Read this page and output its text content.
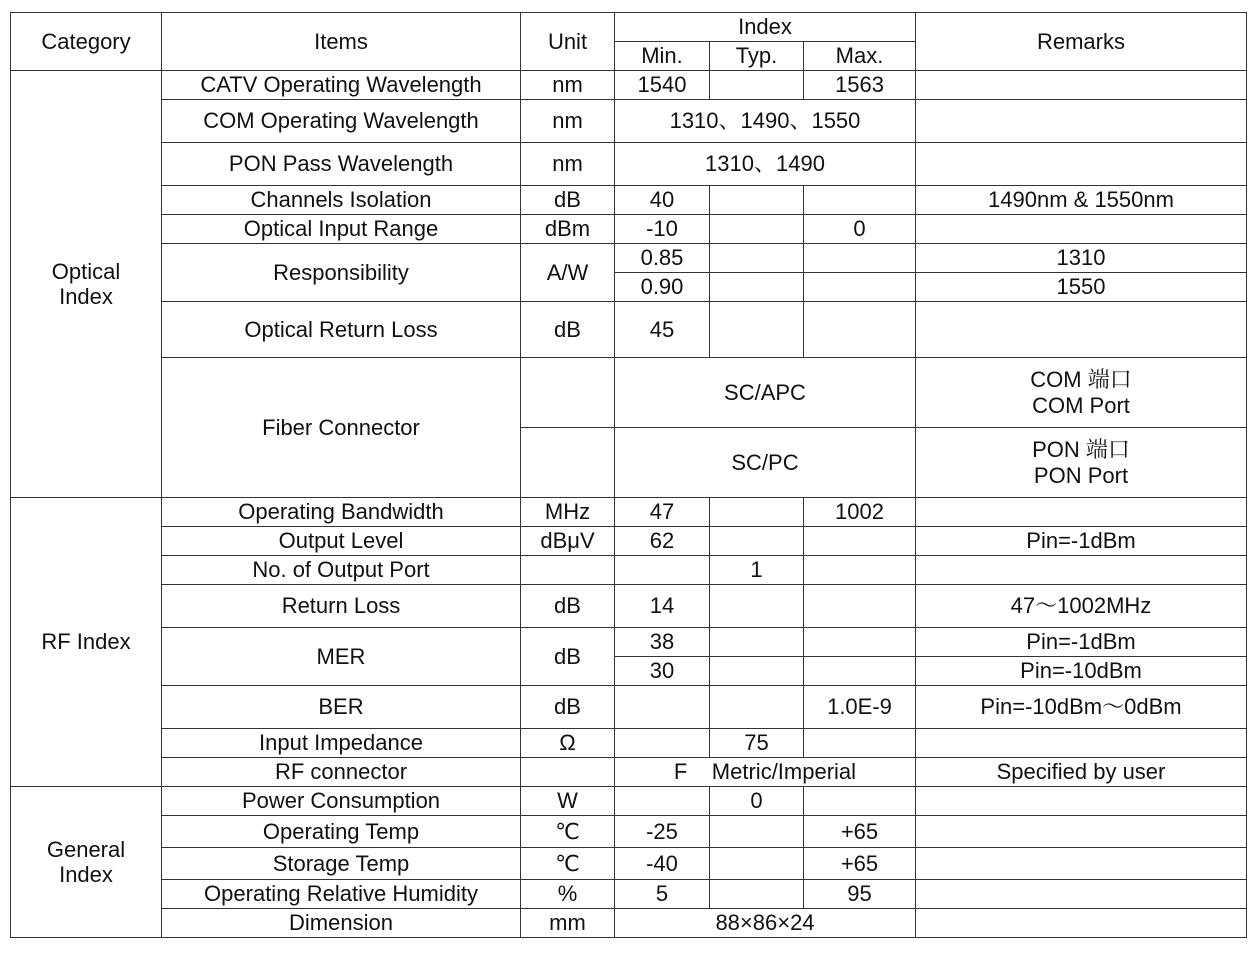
Category	Items	Unit	Index			Remarks
			Min.	Typ.	Max.	

Optical
Index	CATV Operating Wavelength	nm	1540		1563	
	COM Operating Wavelength	nm	1310、1490、1550			
	PON Pass Wavelength	nm	1310、1490			
	Channels Isolation	dB	40			1490nm & 1550nm
	Optical Input Range	dBm	-10		0	
	Responsibility	A/W	0.85			1310
			0.90			1550
	Optical Return Loss	dB	45			
	Fiber Connector		SC/APC			COM 端口
COM Port

			SC/PC			PON 端口
PON Port

RF Index	Operating Bandwidth	MHz	47		1002	
	Output Level	dBμV	62			Pin=-1dBm
	No. of Output Port			1		
	Return Loss	dB	14			47～1002MHz
	MER	dB	38			Pin=-1dBm
			30			Pin=-10dBm
	BER	dB			1.0E-9	Pin=-10dBm～0dBm
	Input Impedance	Ω		75		
	RF connector		F    Metric/Imperial			Specified by user

General
Index	Power Consumption	W		0		
	Operating Temp	℃	-25		+65	
	Storage Temp	℃	-40		+65	
	Operating Relative Humidity	%	5		95	
	Dimension	mm	88×86×24			
